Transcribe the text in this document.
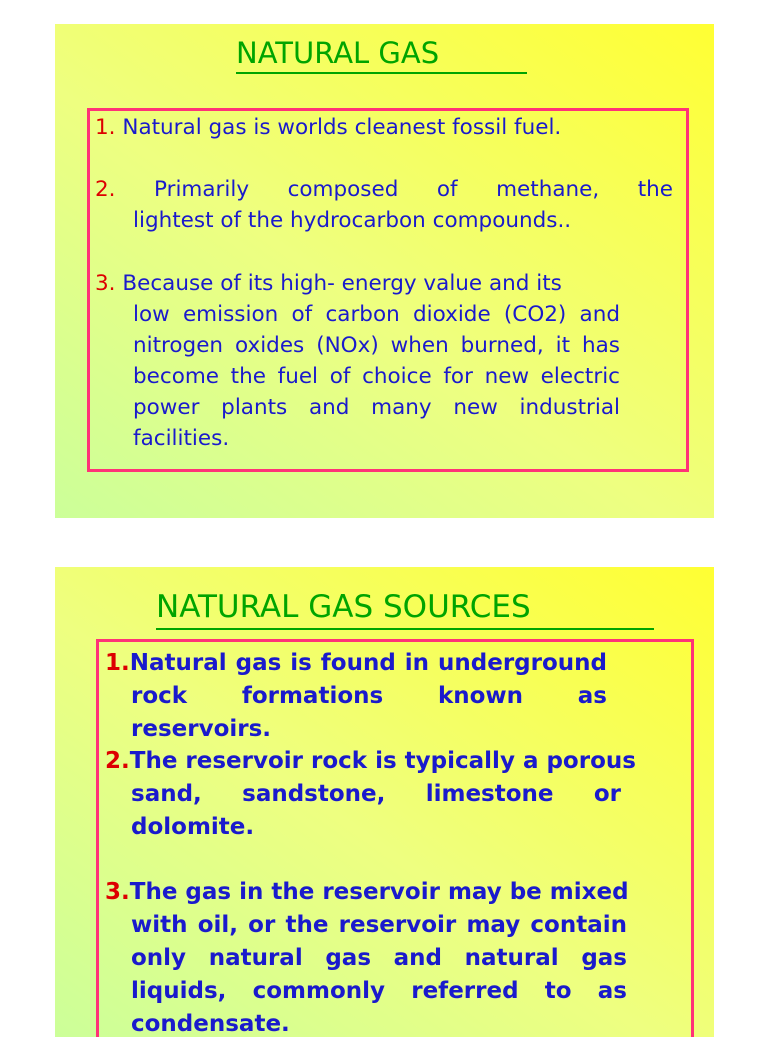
NATURAL GAS
1. Natural gas is worlds cleanest fossil fuel.
2. Primarily composed of methane, the
lightest of the hydrocarbon compounds..
3. Because of its high- energy value and its
low emission of carbon dioxide (CO2) and nitrogen oxides (NOx) when burned, it has become the fuel of choice for new electric power plants and many new industrial facilities.
NATURAL GAS SOURCES
1.Natural gas is found in underground
rock formations known as reservoirs.
2.The reservoir rock is typically a porous
sand, sandstone, limestone or dolomite.
3.The gas in the reservoir may be mixed
with oil, or the reservoir may contain only natural gas and natural gas liquids, commonly referred to as condensate.
